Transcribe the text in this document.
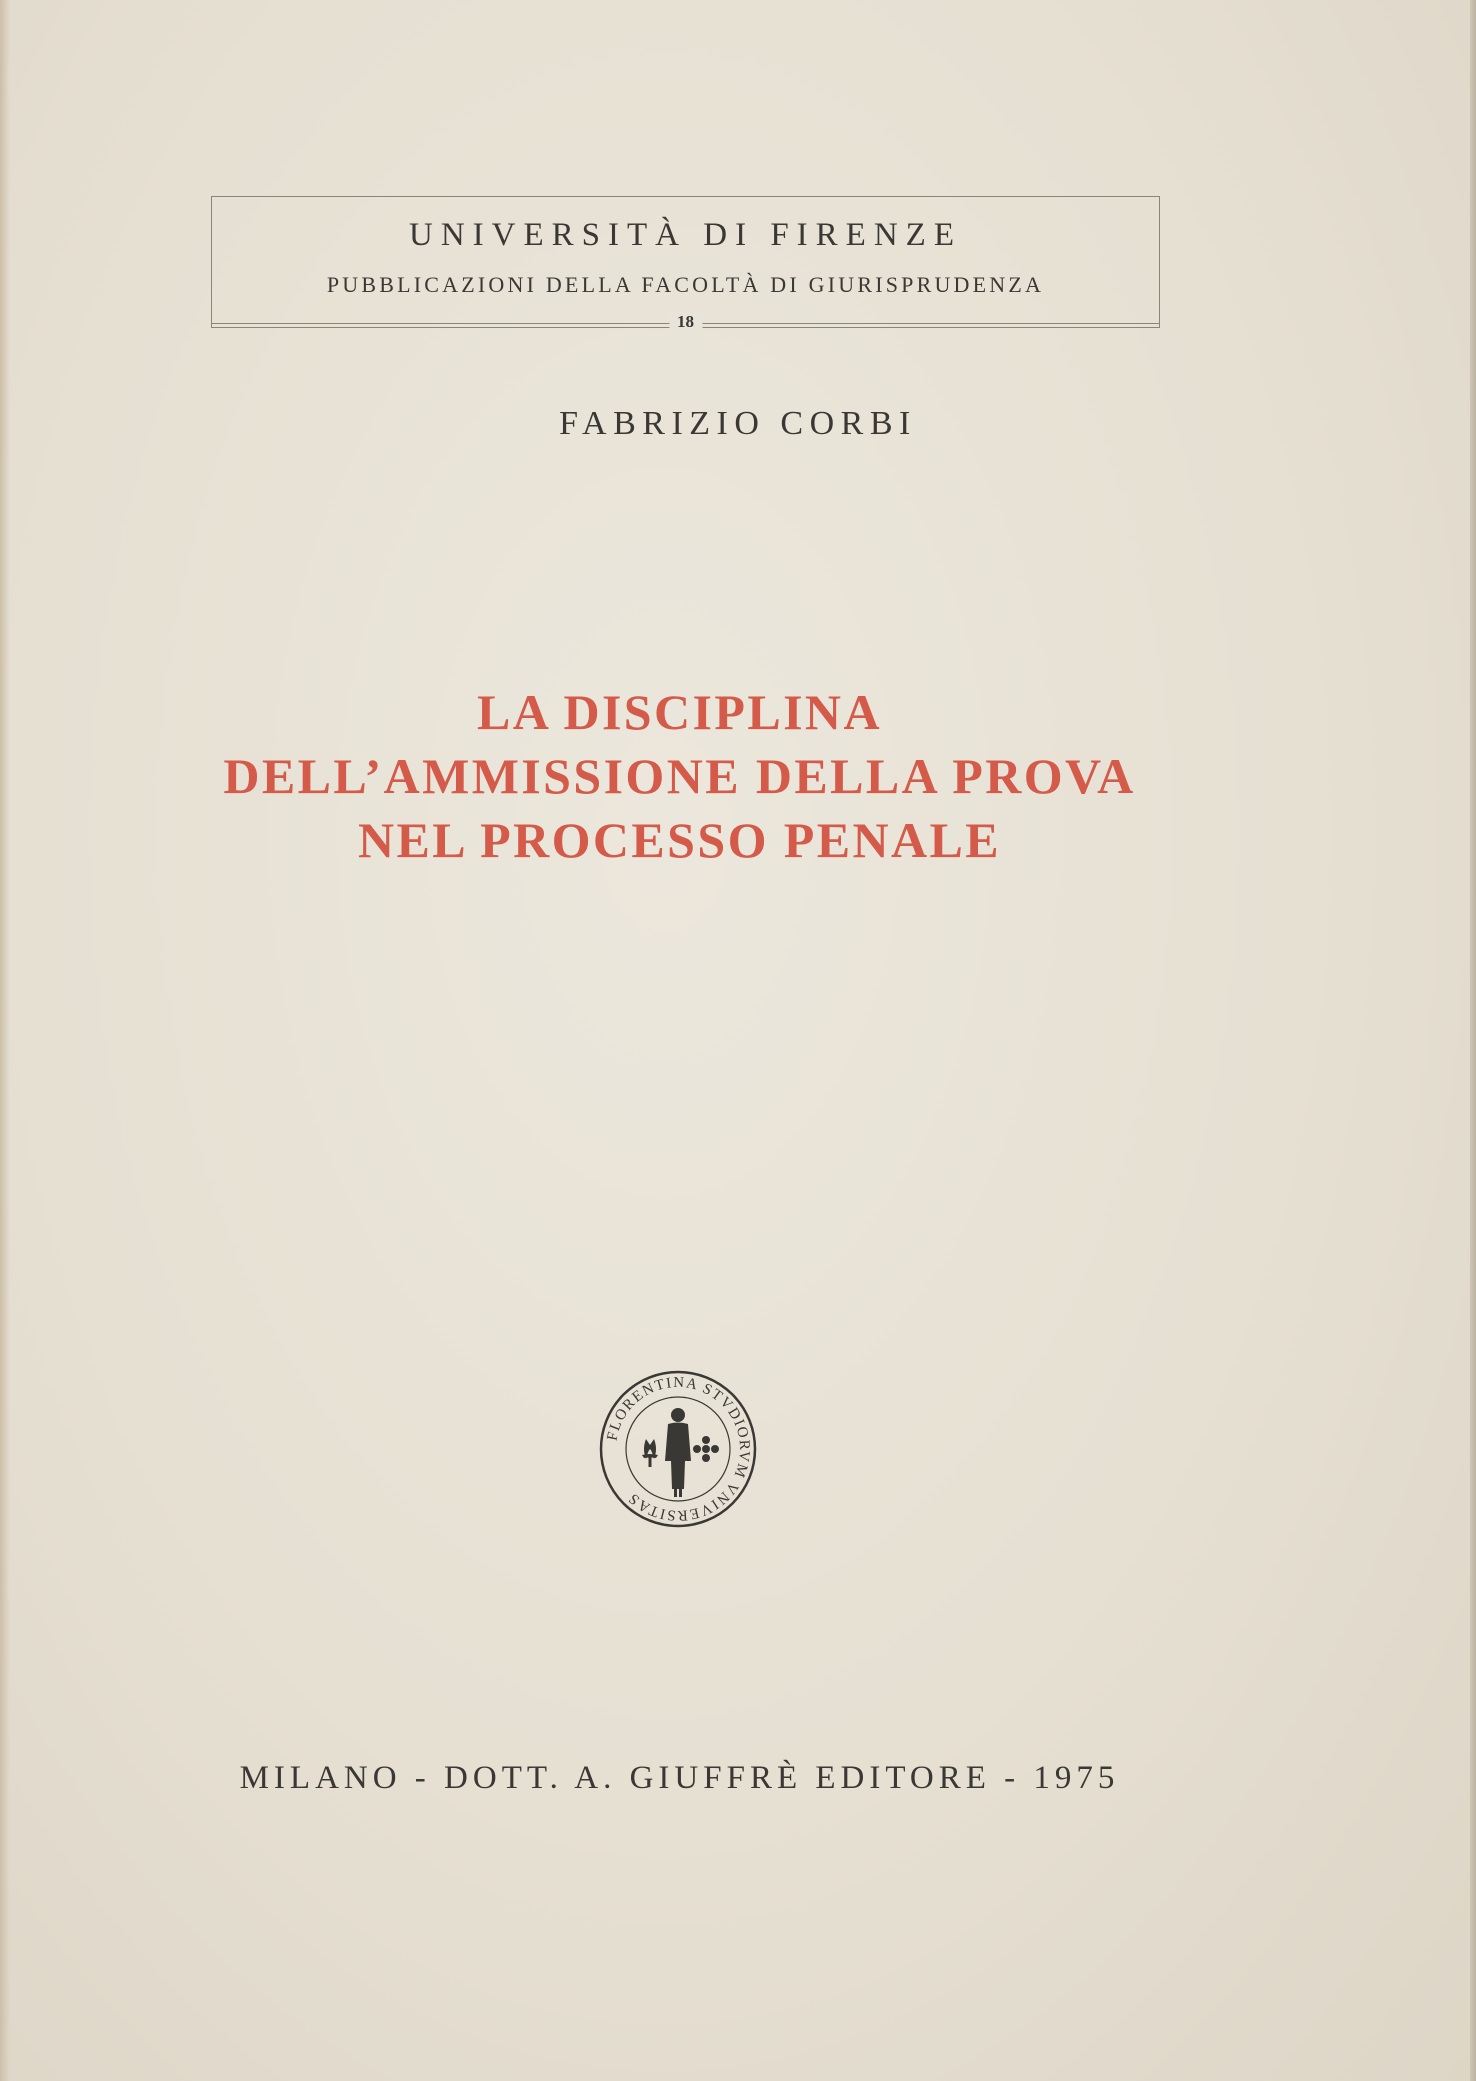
UNIVERSITÀ DI FIRENZE
PUBBLICAZIONI DELLA FACOLTÀ DI GIURISPRUDENZA
18
FABRIZIO CORBI
LA DISCIPLINA
DELL’AMMISSIONE DELLA PROVA
NEL PROCESSO PENALE
FLORENTINA STVDIORVM VNIVERSITAS
MILANO - DOTT. A. GIUFFRÈ EDITORE - 1975
